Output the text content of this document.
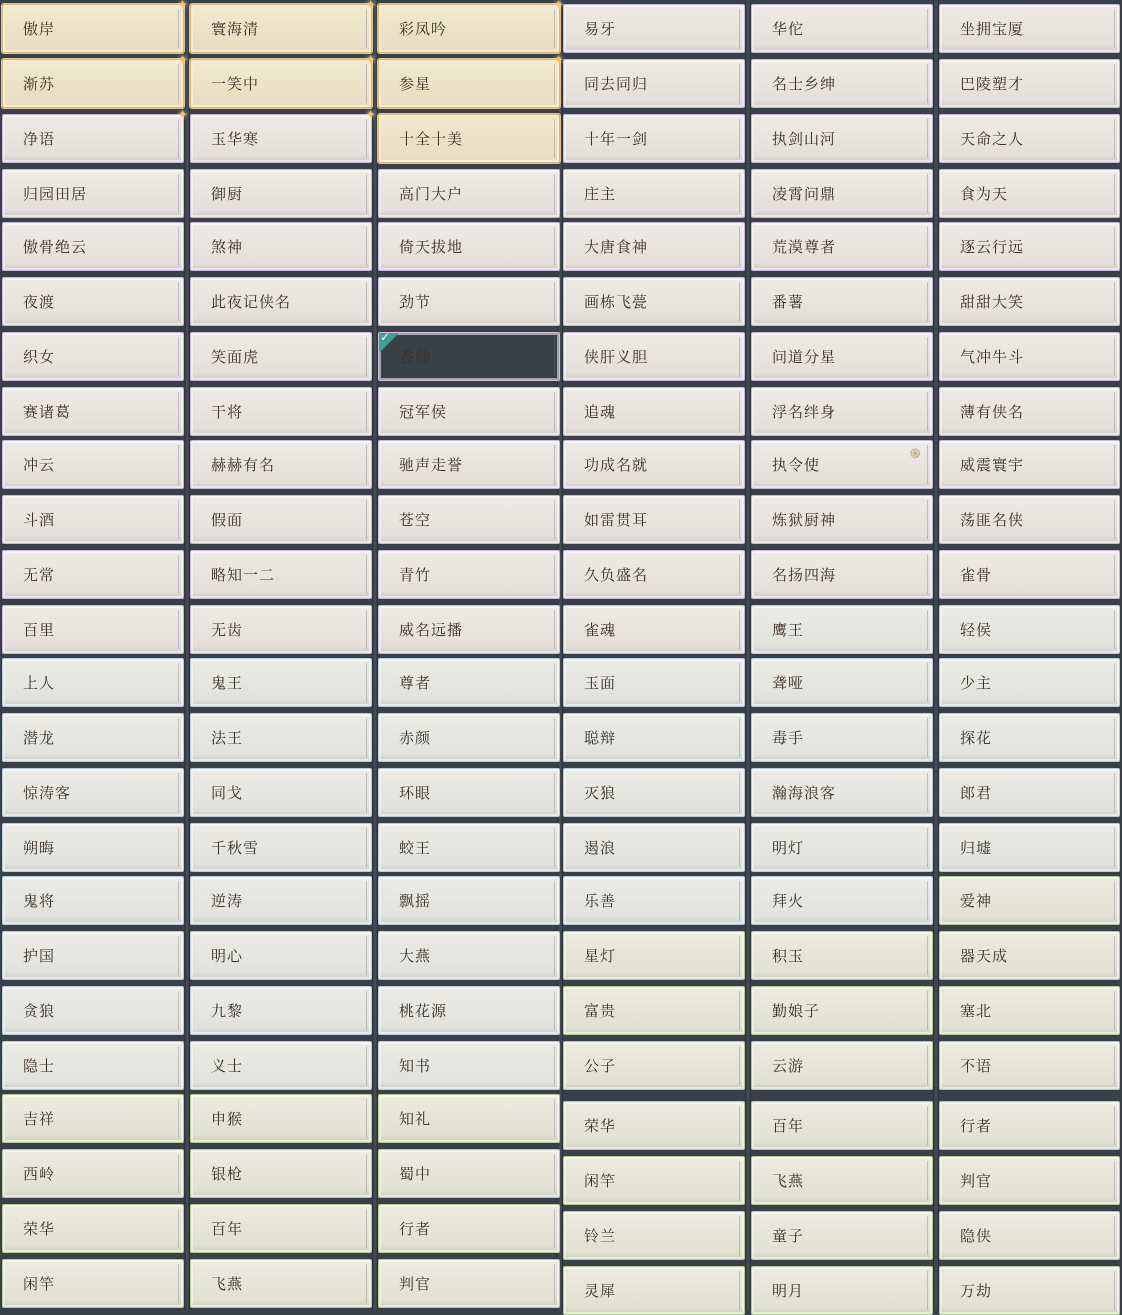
傲岸
✦
渐苏
✦
净语
✦
归园田居
傲骨绝云
夜渡
织女
赛诸葛
冲云
斗酒
无常
百里
上人
潜龙
惊涛客
朔晦
鬼将
护国
贪狼
隐士
吉祥
西岭
荣华
闲竿
寰海清
✦
一笑中
✦
玉华寒
✦
御厨
煞神
此夜记侠名
笑面虎
干将
赫赫有名
假面
略知一二
无齿
鬼王
法王
同戈
千秋雪
逆涛
明心
九黎
义士
申猴
银枪
百年
飞燕
彩凤吟
✦
参星
✦
十全十美
高门大户
倚天拔地
劲节
香帅
✓
冠军侯
驰声走誉
苍空
青竹
威名远播
尊者
赤颜
环眼
蛟王
飘摇
大燕
桃花源
知书
知礼
蜀中
行者
判官
易牙
同去同归
十年一剑
庄主
大唐食神
画栋飞甍
侠肝义胆
追魂
功成名就
如雷贯耳
久负盛名
雀魂
玉面
聪辩
灭狼
遏浪
乐善
星灯
富贵
公子
荣华
闲竿
铃兰
灵犀
华佗
名士乡绅
执剑山河
凌霄问鼎
荒漠尊者
番薯
问道分星
浮名绊身
执令使
֍
炼狱厨神
名扬四海
鹰王
聋哑
毒手
瀚海浪客
明灯
拜火
积玉
勤娘子
云游
百年
飞燕
童子
明月
坐拥宝厦
巴陵塑才
天命之人
食为天
逐云行远
甜甜大笑
气冲牛斗
薄有侠名
威震寰宇
荡匪名侠
雀骨
轻侯
少主
探花
郎君
归墟
爱神
器天成
塞北
不语
行者
判官
隐侠
万劫
